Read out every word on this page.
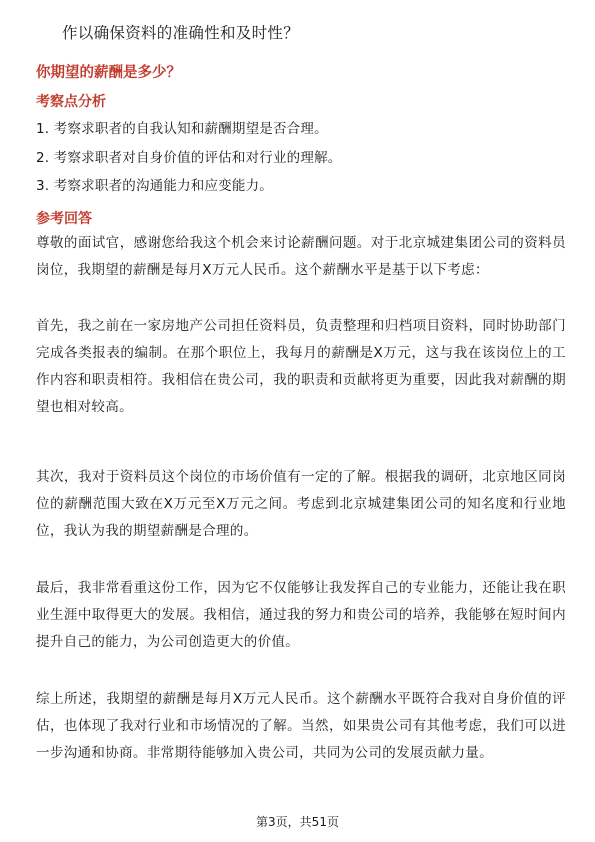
作以确保资料的准确性和及时性？
你期望的薪酬是多少？
考察点分析
1. 考察求职者的自我认知和薪酬期望是否合理。
2. 考察求职者对自身价值的评估和对行业的理解。
3. 考察求职者的沟通能力和应变能力。
参考回答

尊敬的面试官，感谢您给我这个机会来讨论薪酬问题。对于北京城建集团公司的资料员岗位，我期望的薪酬是每月X万元人民币。这个薪酬水平是基于以下考虑：

首先，我之前在一家房地产公司担任资料员，负责整理和归档项目资料，同时协助部门完成各类报表的编制。在那个职位上，我每月的薪酬是X万元，这与我在该岗位上的工作内容和职责相符。我相信在贵公司，我的职责和贡献将更为重要，因此我对薪酬的期望也相对较高。

其次，我对于资料员这个岗位的市场价值有一定的了解。根据我的调研，北京地区同岗位的薪酬范围大致在X万元至X万元之间。考虑到北京城建集团公司的知名度和行业地位，我认为我的期望薪酬是合理的。

最后，我非常看重这份工作，因为它不仅能够让我发挥自己的专业能力，还能让我在职业生涯中取得更大的发展。我相信，通过我的努力和贵公司的培养，我能够在短时间内提升自己的能力，为公司创造更大的价值。

综上所述，我期望的薪酬是每月X万元人民币。这个薪酬水平既符合我对自身价值的评估，也体现了我对行业和市场情况的了解。当然，如果贵公司有其他考虑，我们可以进一步沟通和协商。非常期待能够加入贵公司，共同为公司的发展贡献力量。

第3页，共51页
